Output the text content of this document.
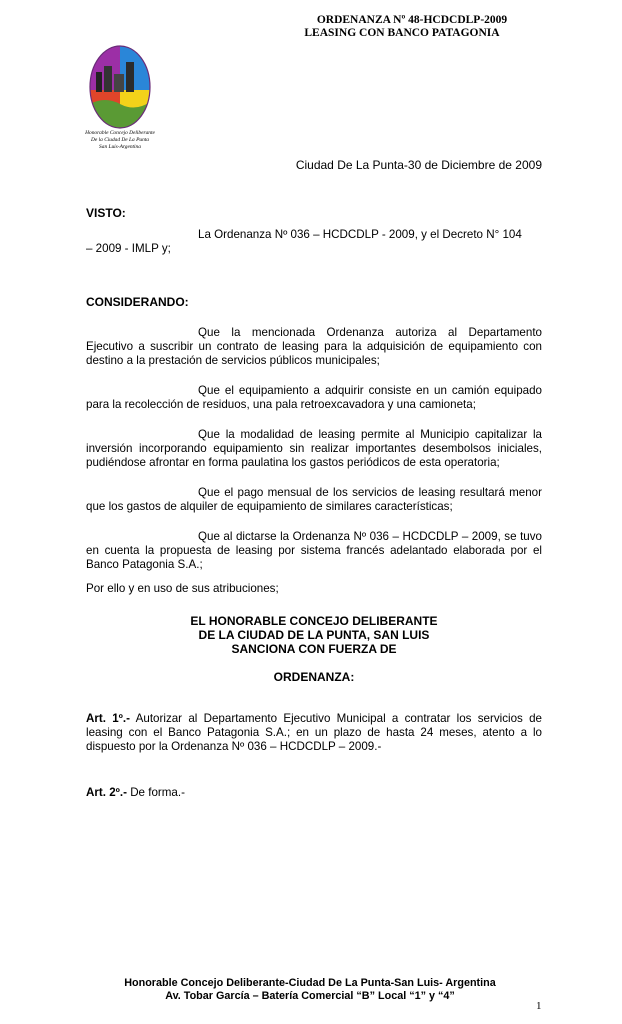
ORDENANZA Nº 48-HCDCDLP-2009
LEASING CON BANCO PATAGONIA
Honorable Concejo Deliberante
De la Ciudad De La Punta
San Luis-Argentina
Ciudad De La Punta-30 de Diciembre de 2009
VISTO:
La Ordenanza Nº 036 – HCDCDLP - 2009, y el Decreto N° 104
– 2009 - IMLP y;
CONSIDERANDO:
Que la mencionada Ordenanza autoriza al Departamento Ejecutivo a suscribir un contrato de leasing para la adquisición de equipamiento con destino a la prestación de servicios públicos municipales;
Que el equipamiento a adquirir consiste en un camión equipado para la recolección de residuos, una pala retroexcavadora y una camioneta;
Que la modalidad de leasing permite al Municipio capitalizar la inversión incorporando equipamiento sin realizar importantes desembolsos iniciales, pudiéndose afrontar en forma paulatina los gastos periódicos de esta operatoria;
Que el pago mensual de los servicios de leasing resultará menor que los gastos de alquiler de equipamiento de similares características;
Que al dictarse la Ordenanza Nº 036 – HCDCDLP – 2009, se tuvo en cuenta la propuesta de leasing por sistema francés adelantado elaborada por el Banco Patagonia S.A.;
Por ello y en uso de sus atribuciones;
EL HONORABLE CONCEJO DELIBERANTE
DE LA CIUDAD DE LA PUNTA, SAN LUIS
SANCIONA CON FUERZA DE
ORDENANZA:
Art. 1º.- Autorizar al Departamento Ejecutivo Municipal a contratar los servicios de leasing con el Banco Patagonia S.A.; en un plazo de hasta 24 meses, atento a lo dispuesto por la Ordenanza Nº 036 – HCDCDLP – 2009.-
Art. 2º.- De forma.-
Honorable Concejo Deliberante-Ciudad De La Punta-San Luis- Argentina
Av. Tobar García – Batería Comercial “B” Local “1” y “4”
1
